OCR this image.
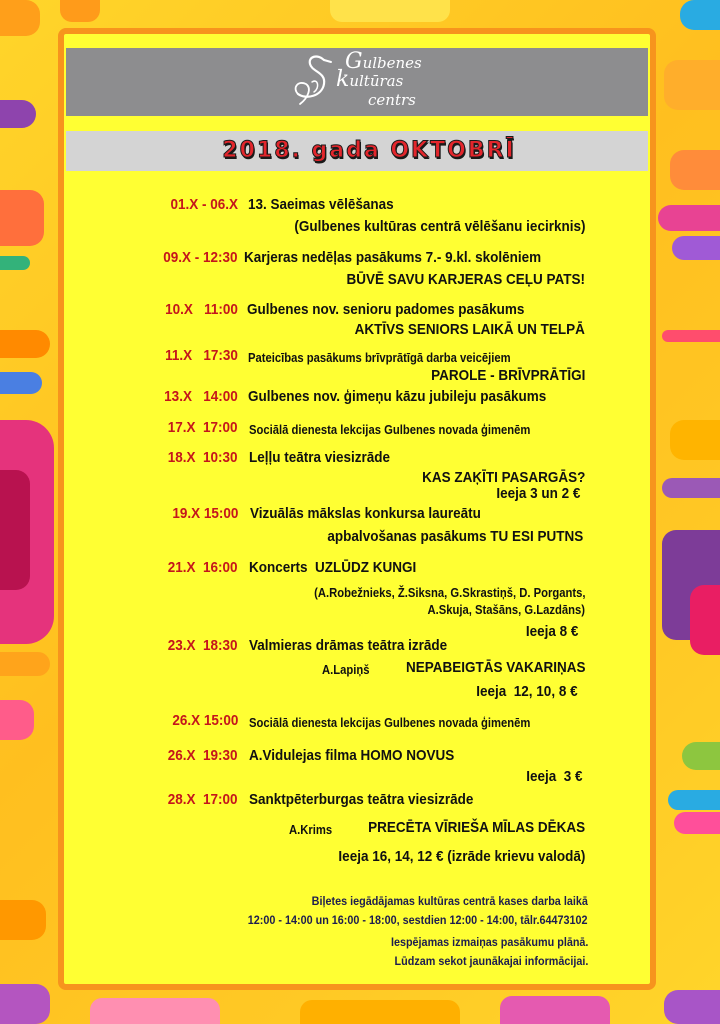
Gulbenes
kultūras
centrs
2018. gada OKTOBRĪ
01.X - 06.X 13. Saeimas vēlēšanas
(Gulbenes kultūras centrā vēlēšanu iecirknis)
09.X - 12:30 Karjeras nedēļas pasākums 7.- 9.kl. skolēniem
BŪVĒ SAVU KARJERAS CEĻU PATS!
10.X   11:00 Gulbenes nov. senioru padomes pasākums
AKTĪVS SENIORS LAIKĀ UN TELPĀ
11.X   17:30 Pateicības pasākums brīvprātīgā darba veicējiem
PAROLE - BRĪVPRĀTĪGI
13.X   14:00 Gulbenes nov. ģimeņu kāzu jubileju pasākums
17.X  17:00 Sociālā dienesta lekcijas Gulbenes novada ģimenēm
18.X  10:30 Leļļu teātra viesizrāde
KAS ZAĶĪTI PASARGĀS?
Ieeja 3 un 2 €
19.X 15:00 Vizuālās mākslas konkursa laureātu
apbalvošanas pasākums TU ESI PUTNS
21.X  16:00 Koncerts  UZLŪDZ KUNGI
(A.Robežnieks, Ž.Siksna, G.Skrastiņš, D. Porgants,
A.Skuja, Stašāns, G.Lazdāns)
Ieeja 8 €
23.X  18:30 Valmieras drāmas teātra izrāde
A.Lapiņš NEPABEIGTĀS VAKARIŅAS
Ieeja  12, 10, 8 €
26.X 15:00 Sociālā dienesta lekcijas Gulbenes novada ģimenēm
26.X  19:30 A.Vidulejas filma HOMO NOVUS
Ieeja  3 €
28.X  17:00 Sanktpēterburgas teātra viesizrāde
A.Krims PRECĒTA VĪRIEŠA MĪLAS DĒKAS
Ieeja 16, 14, 12 € (izrāde krievu valodā)
Biļetes iegādājamas kultūras centrā kases darba laikā
12:00 - 14:00 un 16:00 - 18:00, sestdien 12:00 - 14:00, tālr.64473102
Iespējamas izmaiņas pasākumu plānā.
Lūdzam sekot jaunākajai informācijai.
